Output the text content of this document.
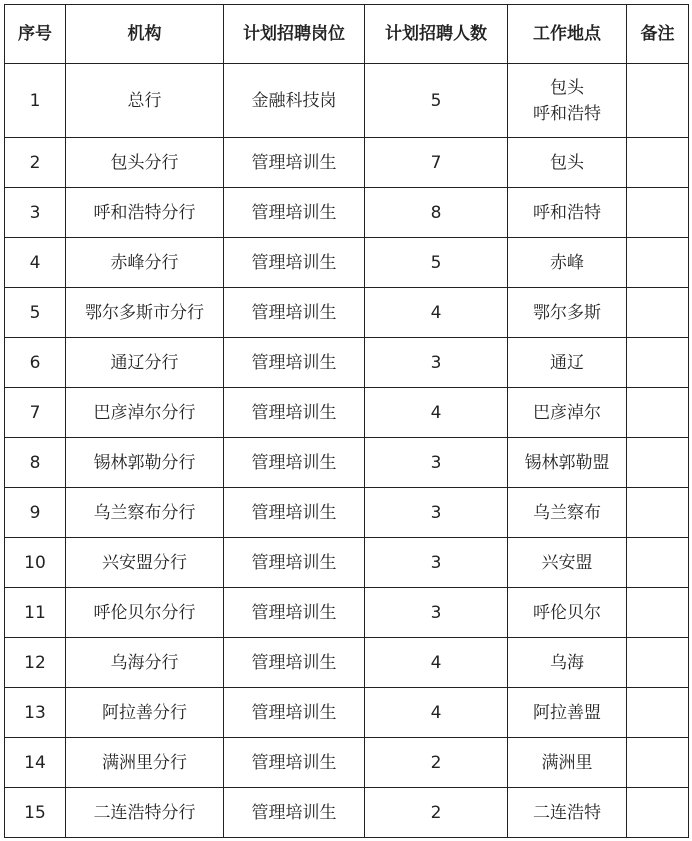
序号	机构	计划招聘岗位	计划招聘人数	工作地点	备注
1	总行	金融科技岗	5	包头
呼和浩特	

2	包头分行	管理培训生	7	包头	
3	呼和浩特分行	管理培训生	8	呼和浩特	
4	赤峰分行	管理培训生	5	赤峰	
5	鄂尔多斯市分行	管理培训生	4	鄂尔多斯	
6	通辽分行	管理培训生	3	通辽	
7	巴彦淖尔分行	管理培训生	4	巴彦淖尔	
8	锡林郭勒分行	管理培训生	3	锡林郭勒盟	
9	乌兰察布分行	管理培训生	3	乌兰察布	
10	兴安盟分行	管理培训生	3	兴安盟	
11	呼伦贝尔分行	管理培训生	3	呼伦贝尔	
12	乌海分行	管理培训生	4	乌海	
13	阿拉善分行	管理培训生	4	阿拉善盟	
14	满洲里分行	管理培训生	2	满洲里	
15	二连浩特分行	管理培训生	2	二连浩特	
